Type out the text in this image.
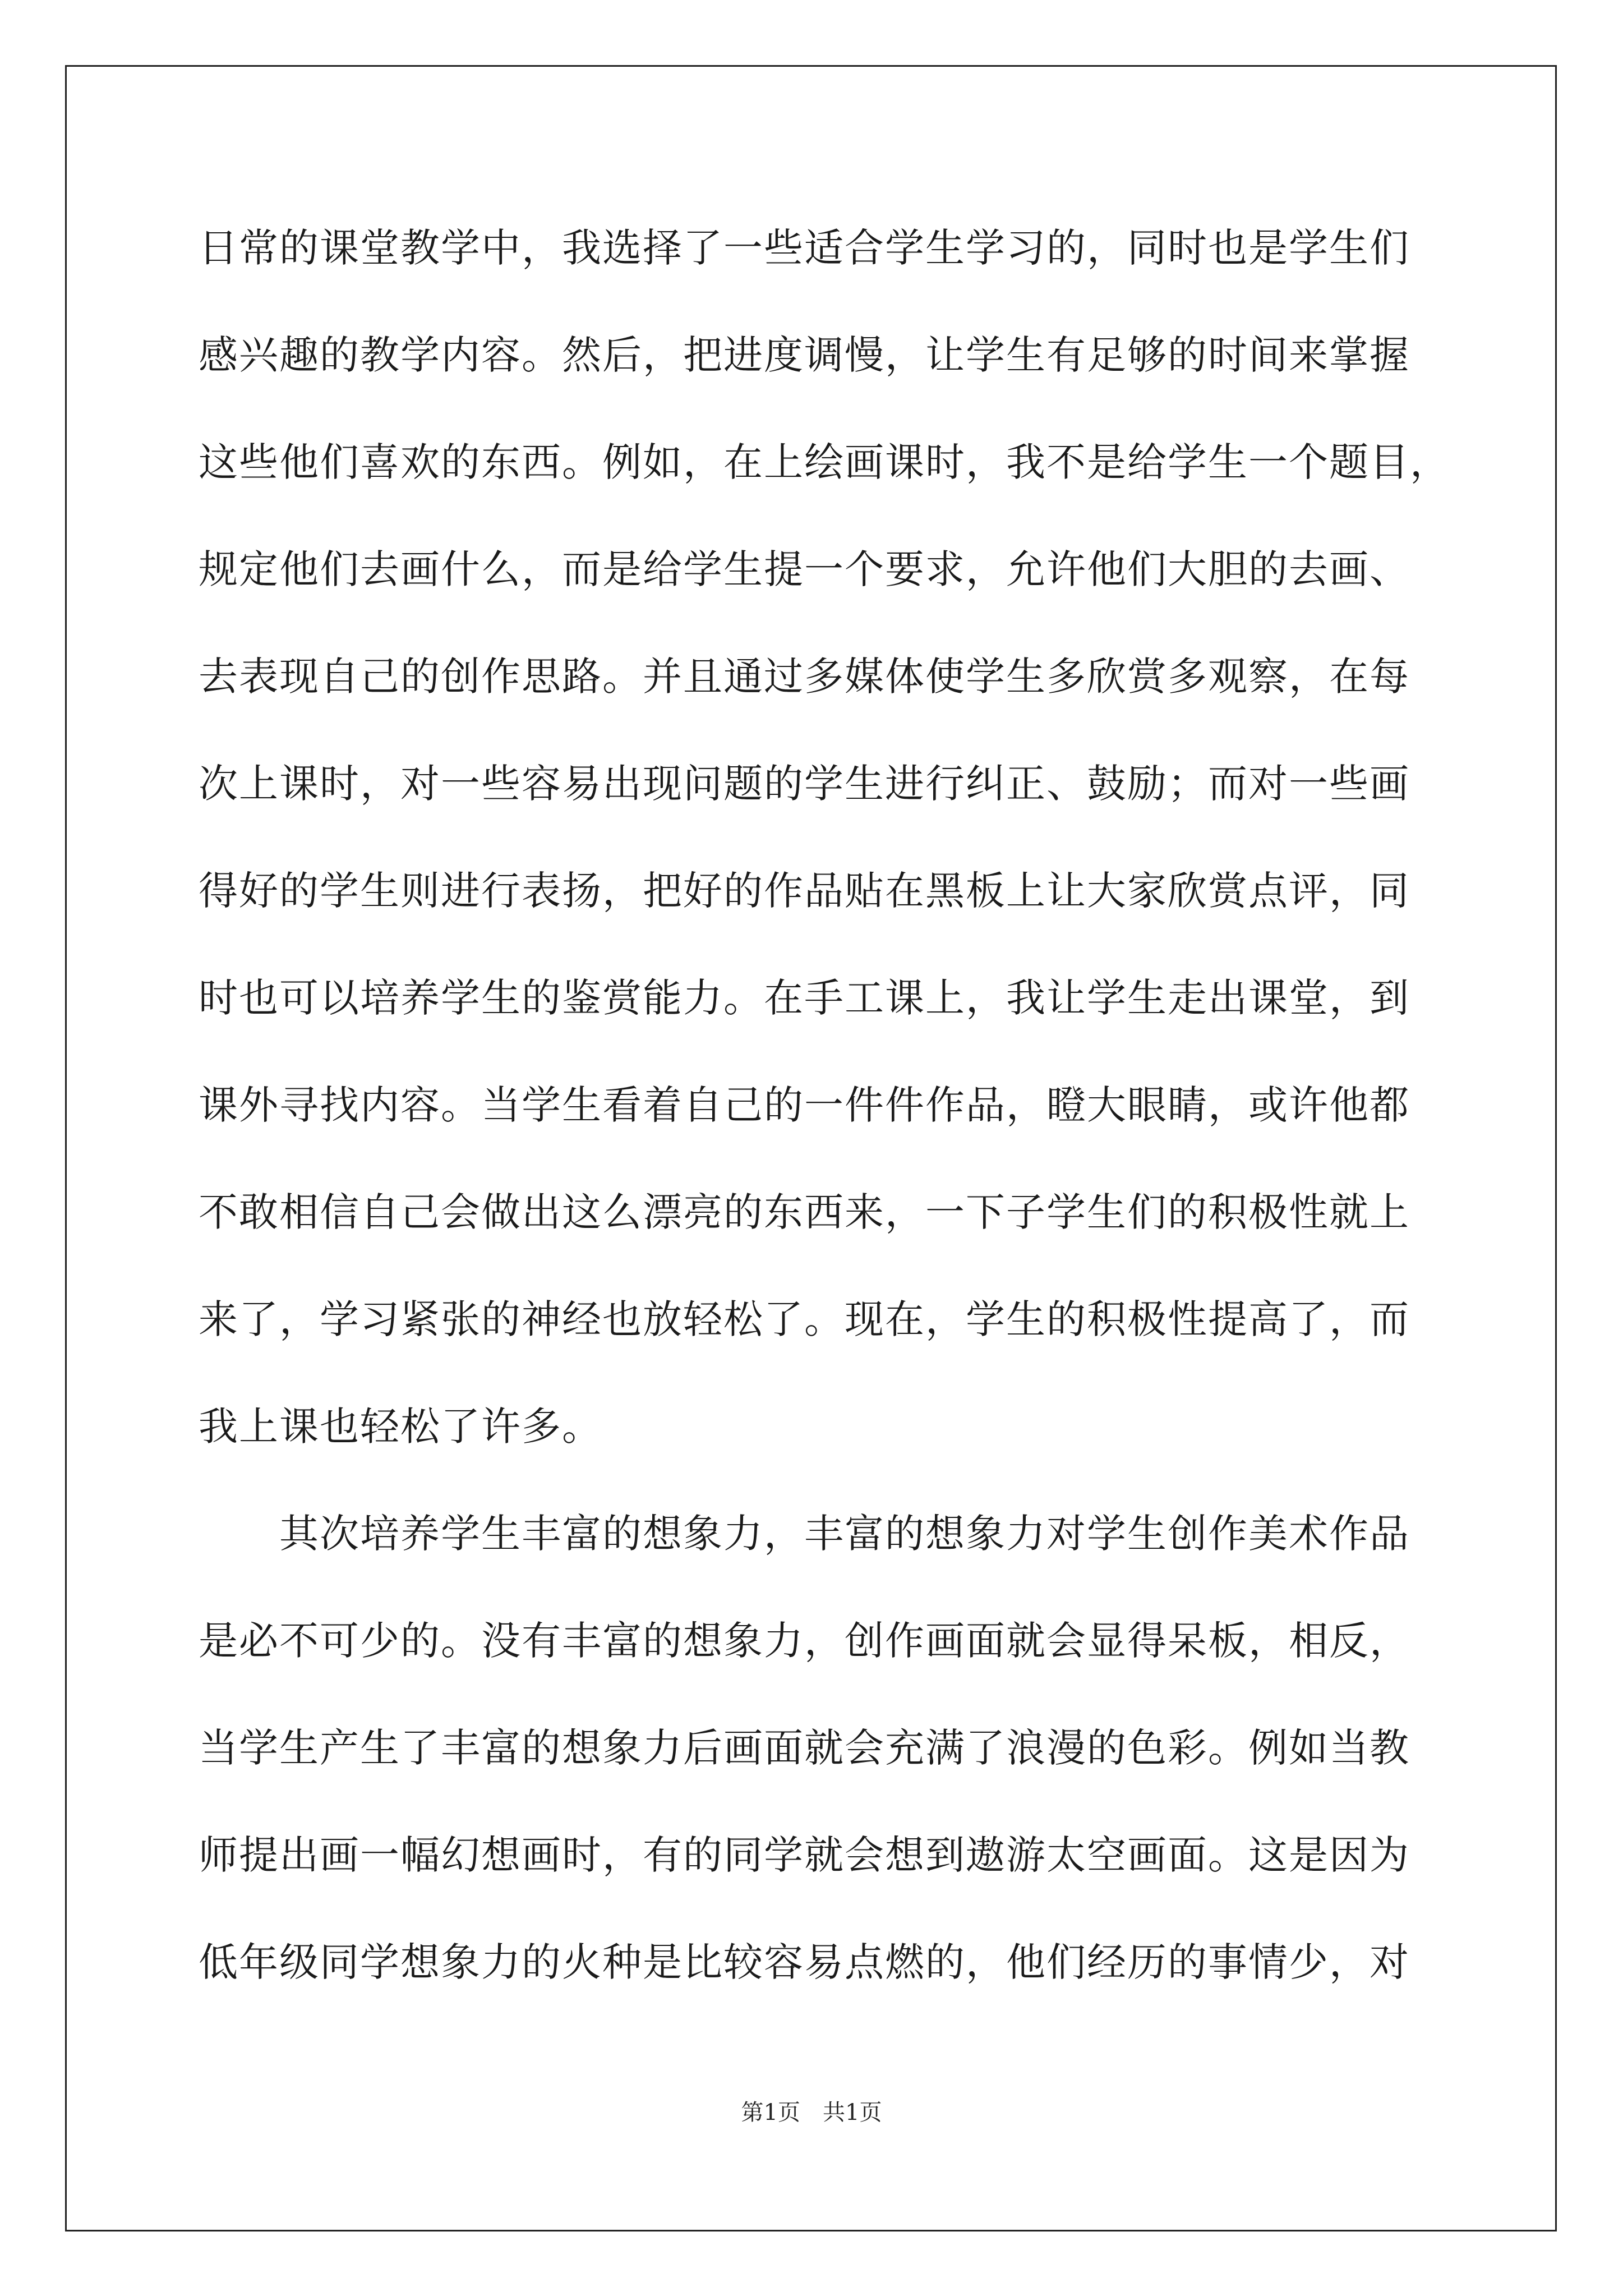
日常的课堂教学中，我选择了一些适合学生学习的，同时也是学生们
感兴趣的教学内容。然后，把进度调慢，让学生有足够的时间来掌握
这些他们喜欢的东西。例如，在上绘画课时，我不是给学生一个题目，
规定他们去画什么，而是给学生提一个要求，允许他们大胆的去画、
去表现自己的创作思路。并且通过多媒体使学生多欣赏多观察，在每
次上课时，对一些容易出现问题的学生进行纠正、鼓励；而对一些画
得好的学生则进行表扬，把好的作品贴在黑板上让大家欣赏点评，同
时也可以培养学生的鉴赏能力。在手工课上，我让学生走出课堂，到
课外寻找内容。当学生看着自己的一件件作品，瞪大眼睛，或许他都
不敢相信自己会做出这么漂亮的东西来，一下子学生们的积极性就上
来了，学习紧张的神经也放轻松了。现在，学生的积极性提高了，而
我上课也轻松了许多。
　　其次培养学生丰富的想象力，丰富的想象力对学生创作美术作品
是必不可少的。没有丰富的想象力，创作画面就会显得呆板，相反，
当学生产生了丰富的想象力后画面就会充满了浪漫的色彩。例如当教
师提出画一幅幻想画时，有的同学就会想到遨游太空画面。这是因为
低年级同学想象力的火种是比较容易点燃的，他们经历的事情少，对
第1页　共1页
